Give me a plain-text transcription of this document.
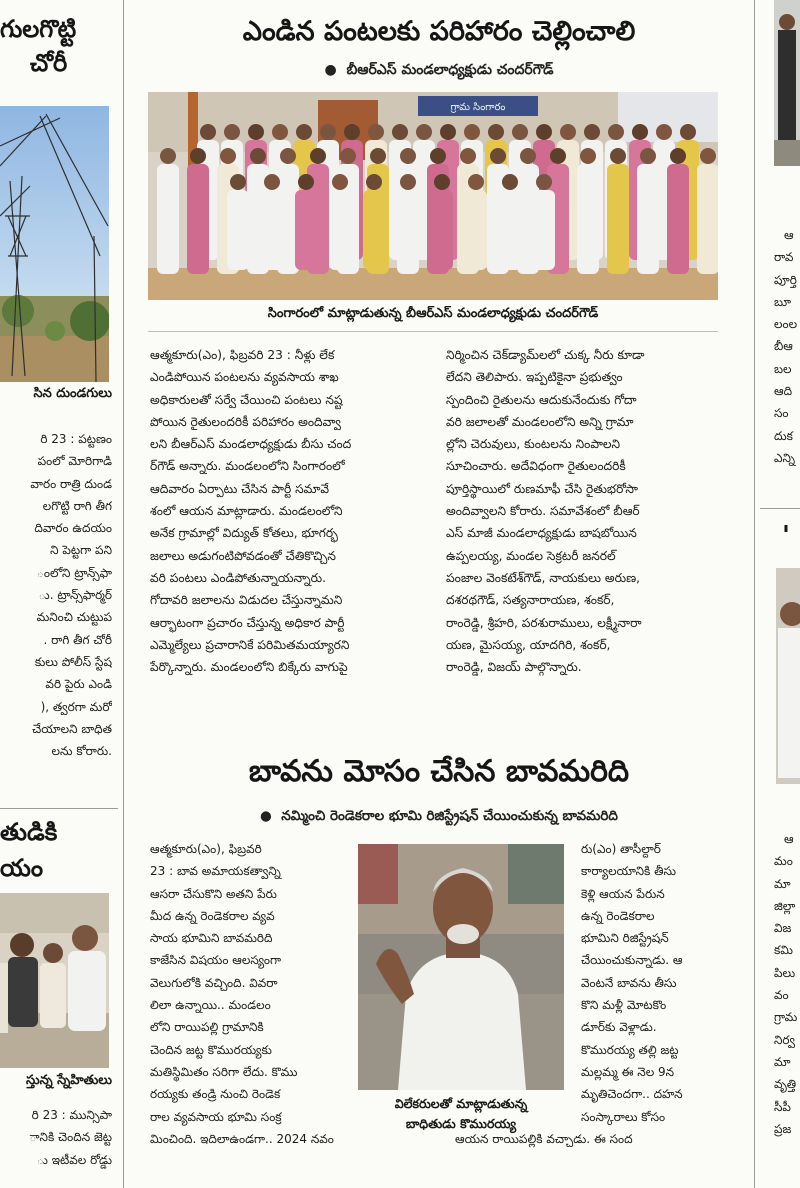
గులగొట్టి
చోరీ
సిన దుండగులు
రి 23 : పట్టణం
పంలో మోరిగాడి
వారం రాత్రి దుండ
లగొట్టి రాగి తీగ
దివారం ఉదయం
ని పెట్టగా పని
ంలోని ట్రాన్స్‌ఫా
ు. ట్రాన్స్‌ఫార్మర్
మనించి చుట్టుప
. రాగి తీగ చోరీ
కులు పోలీస్ స్టేష
వరి పైరు ఎండి
), త్వరగా మరో
చేయాలని బాధిత
లను కోరారు.
తుడికి
యం
స్తున్న స్నేహితులు
రి 23 : మున్సిపా
ానికి చెందిన జెట్ట
ు ఇటీవల రోడ్డు
ఎండిన పంటలకు పరిహారం చెల్లించాలి
●  బీఆర్ఎస్ మండలాధ్యక్షుడు చందర్‌గౌడ్
గ్రామ సింగారం
సింగారంలో మాట్లాడుతున్న బీఆర్ఎస్ మండలాధ్యక్షుడు చందర్‌గౌడ్
ఆత్మకూరు(ఎం), ఫిబ్రవరి 23 : నీళ్లు లేక
ఎండిపోయిన పంటలను వ్యవసాయ శాఖ
అధికారులతో సర్వే చేయించి పంటలు నష్ట
పోయిన రైతులందరికీ పరిహారం అందివ్వా
లని బీఆర్ఎస్ మండలాధ్యక్షుడు బీసు చంద
ర్‌గౌడ్ అన్నారు. మండలంలోని సింగారంలో
ఆదివారం ఏర్పాటు చేసిన పార్టీ సమావే
శంలో ఆయన మాట్లాడారు. మండలంలోని
అనేక గ్రామాల్లో విద్యుత్ కోతలు, భూగర్భ
జలాలు అడుగంటిపోవడంతో చేతికొచ్చిన
వరి పంటలు ఎండిపోతున్నాయన్నారు.
గోదావరి జలాలను విడుదల చేస్తున్నామని
ఆర్భాటంగా ప్రచారం చేస్తున్న అధికార పార్టీ
ఎమ్మెల్యేలు ప్రచారానికే పరిమితమయ్యారని
పేర్కొన్నారు. మండలంలోని బిక్కేరు వాగుపై
నిర్మించిన చెక్‌డ్యామ్‌లలో చుక్క నీరు కూడా
లేదని తెలిపారు. ఇప్పటికైనా ప్రభుత్వం
స్పందించి రైతులను ఆదుకునేందుకు గోదా
వరి జలాలతో మండలంలోని అన్ని గ్రామా
ల్లోని చెరువులు, కుంటలను నింపాలని
సూచించారు. అదేవిధంగా రైతులందరికీ
పూర్తిస్థాయిలో రుణమాఫీ చేసి రైతుభరోసా
అందివ్వాలని కోరారు. సమావేశంలో బీఆర్
ఎస్ మాజీ మండలాధ్యక్షుడు బాషబోయిన
ఉప్పలయ్య, మండల సెక్రటరీ జనరల్
పంజాల వెంకటేశ్‌గౌడ్, నాయకులు అరుణ,
దశరథగౌడ్, సత్యనారాయణ, శంకర్,
రాంరెడ్డి, శ్రీహరి, పరశురాములు, లక్ష్మీనారా
యణ, మైసయ్య, యాదగిరి, శంకర్,
రాంరెడ్డి, విజయ్ పాల్గొన్నారు.
బావను మోసం చేసిన బావమరిది
●  నమ్మించి రెండెకరాల భూమి రిజిస్ట్రేషన్ చేయించుకున్న బావమరిది
ఆత్మకూరు(ఎం), ఫిబ్రవరి
23 : బావ అమాయకత్వాన్ని
ఆసరా చేసుకొని అతని పేరు
మీద ఉన్న రెండెకరాల వ్యవ
సాయ భూమిని బావమరిది
కాజేసిన విషయం ఆలస్యంగా
వెలుగులోకి వచ్చింది. వివరా
లిలా ఉన్నాయి.. మండలం
లోని రాయిపల్లి గ్రామానికి
చెందిన జట్ట కొమురయ్యకు
మతిస్థిమితం సరిగా లేదు. కొము
రయ్యకు తండ్రి నుంచి రెండెక
రాల వ్యవసాయ భూమి సంక్ర
మించింది. ఇదిలాఉండగా.. 2024 నవం
విలేకరులతో మాట్లాడుతున్న
బాధితుడు కొమురయ్య
రు(ఎం) తాసీల్దార్
కార్యాలయానికి తీసు
కెళ్లి ఆయన పేరున
ఉన్న రెండెకరాల
భూమిని రిజిస్ట్రేషన్
చేయించుకున్నాడు. ఆ
వెంటనే బావను తీసు
కొని మళ్లీ మోటకొం
డూర్‌కు వెళ్లాడు.
కొమురయ్య తల్లి జట్ట
మల్లమ్మ ఈ నెల 9న
మృతిచెందగా.. దహన
సంస్కారాలు కోసం
ఆయన రాయిపల్లికి వచ్చాడు. ఈ సంద
ఆ
రావ
పూర్తి
బూ
లంల
బీఆ
బల
ఆది
సం
దుక
ఎన్ని
'
ఆ
మం
మా
జిల్లా
విజ
కమి
పిలు
వం
గ్రామ
నిర్వ
మా
వృత్తి
సీపీ
ప్రజ
